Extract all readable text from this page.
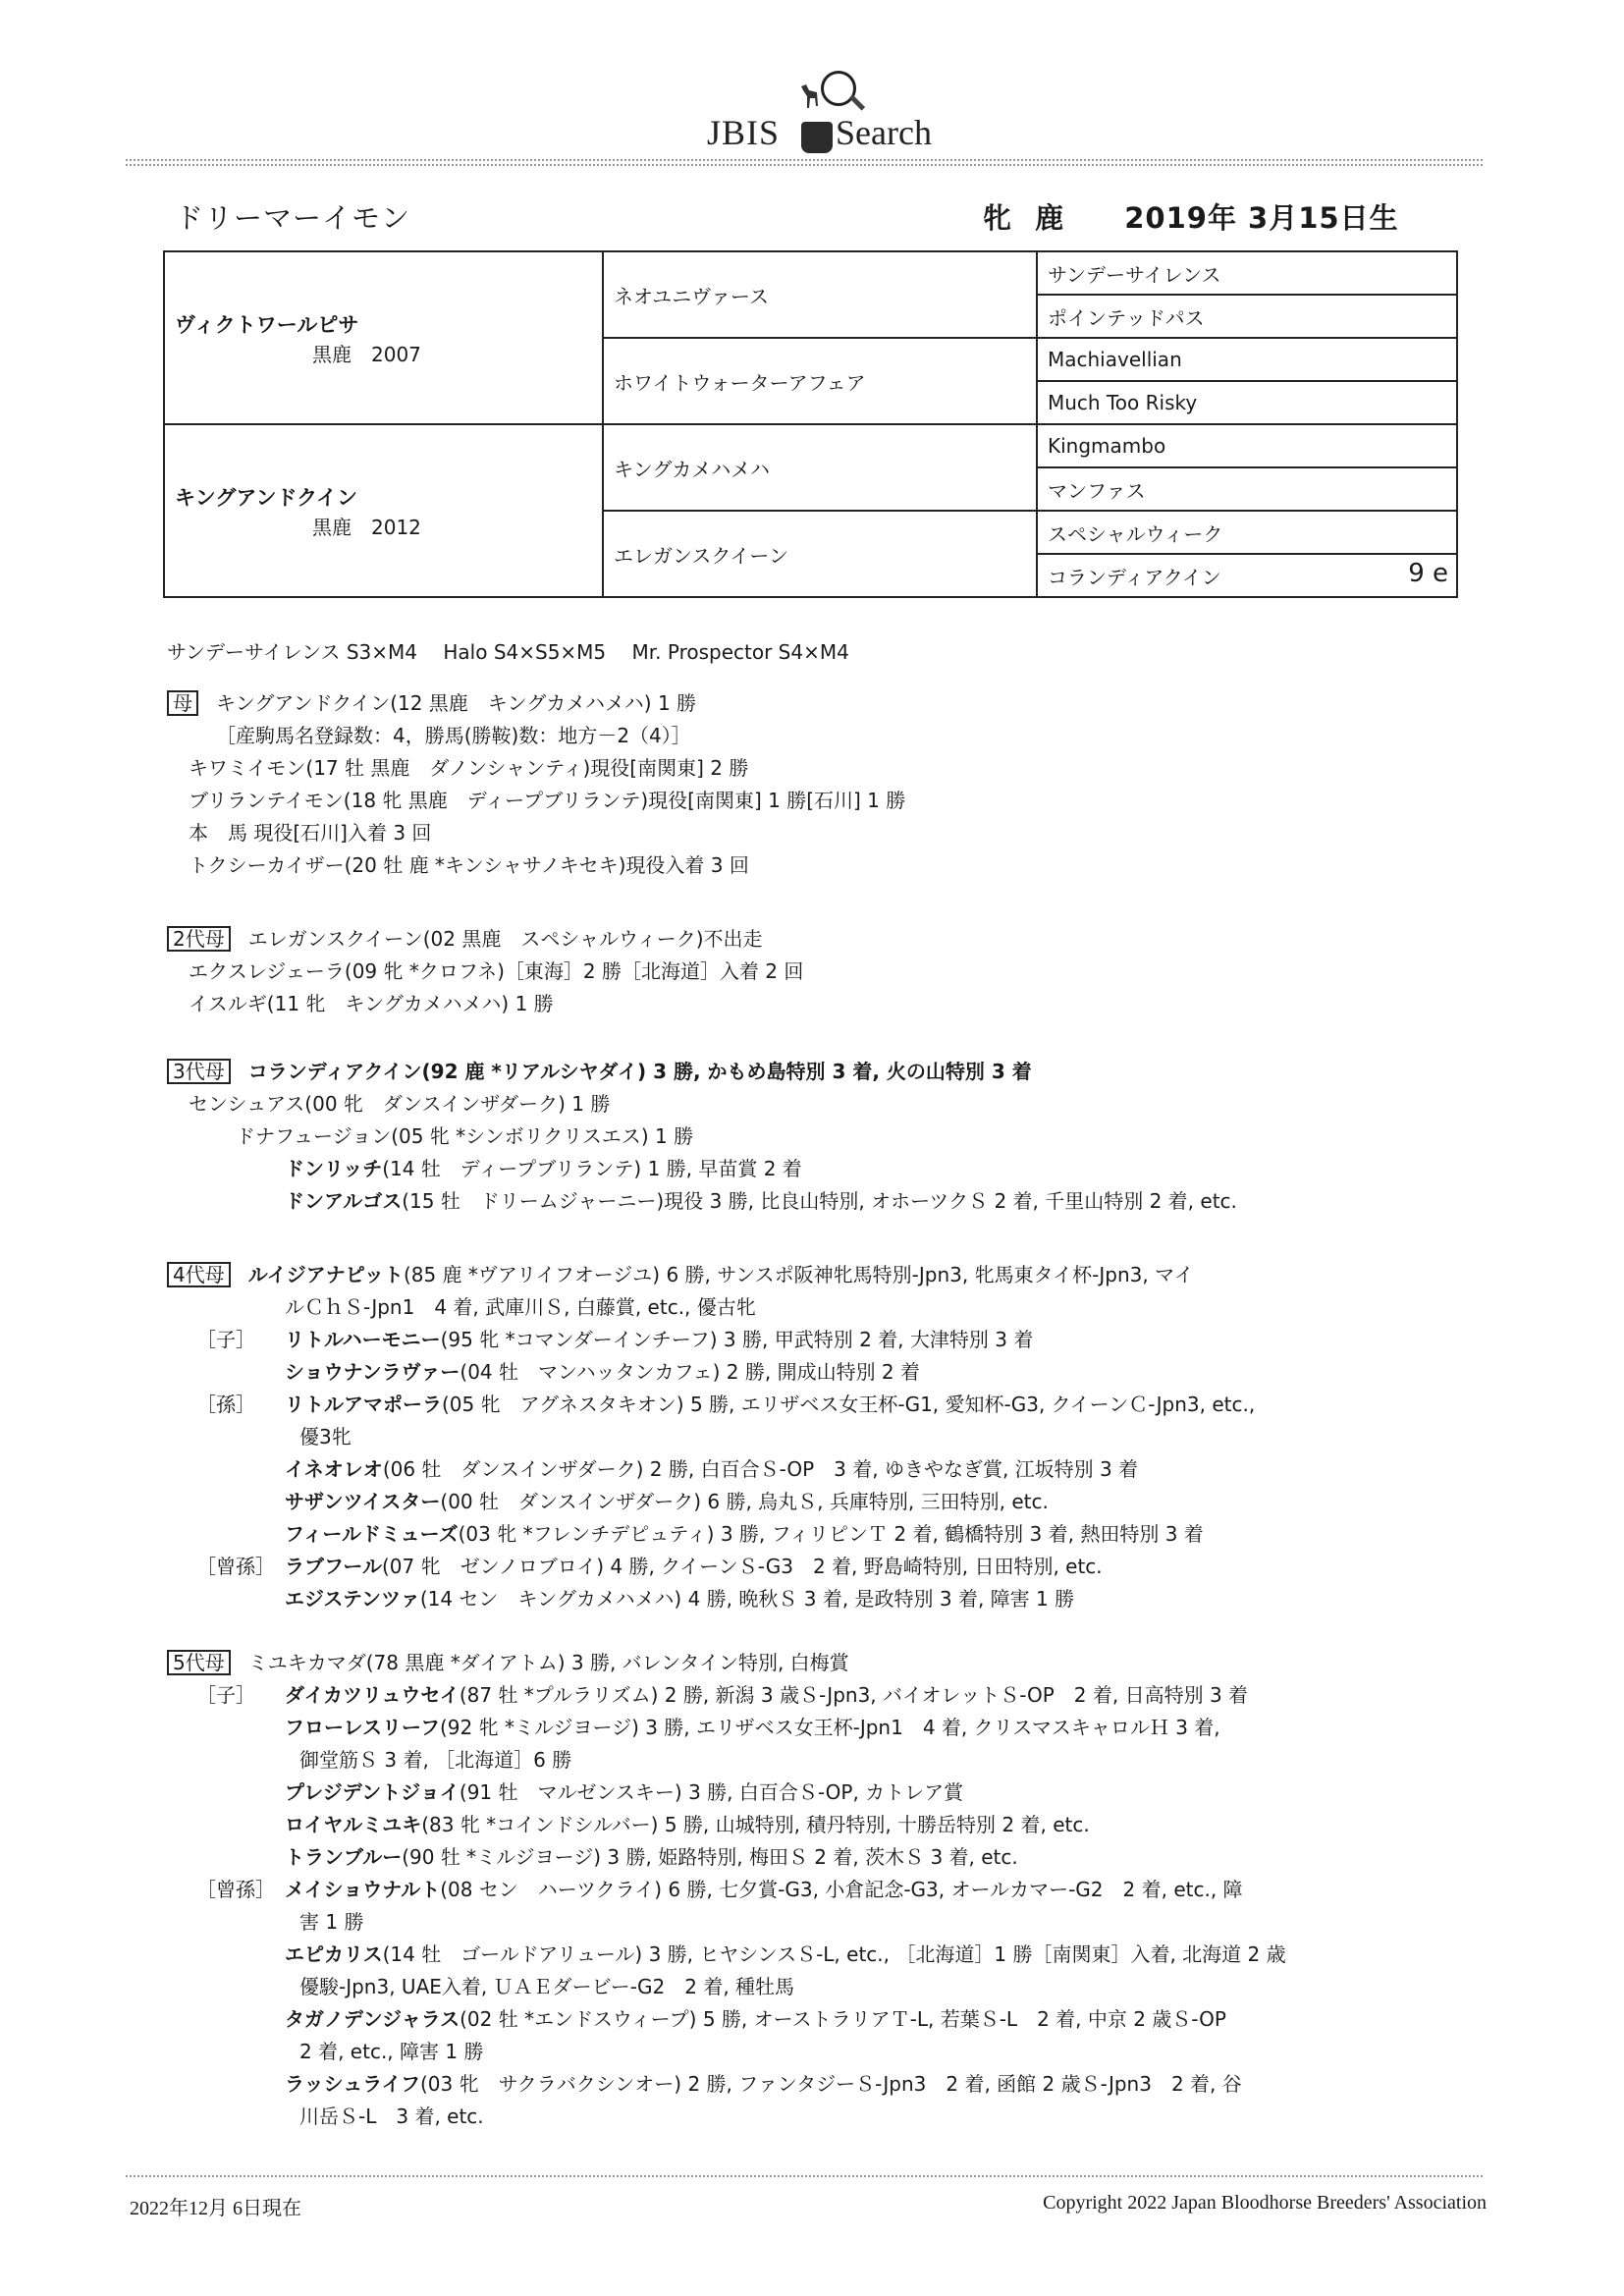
JBIS Search
ドリーマーイモン	牝 鹿 2019年 3月15日生
ヴィクトワールピサ
黒鹿　2007	ネオユニヴァース	サンデーサイレンス
		ポインテッドパス
	ホワイトウォーターアフェア	Machiavellian
		Much Too Risky

キングアンドクイン
黒鹿　2012	キングカメハメハ	Kingmambo
		マンファス
	エレガンスクイーン	スペシャルウィーク
		コランディアクイン 9 e
サンデーサイレンス S3×M4　 Halo S4×S5×M5　 Mr. Prospector S4×M4
母 キングアンドクイン(12 黒鹿　キングカメハメハ) 1 勝
［産駒馬名登録数：4，勝馬(勝鞍)数：地方－2（4）］
キワミイモン(17 牡 黒鹿　ダノンシャンティ)現役[南関東] 2 勝
ブリランテイモン(18 牝 黒鹿　ディープブリランテ)現役[南関東] 1 勝[石川] 1 勝
本　馬 現役[石川]入着 3 回
トクシーカイザー(20 牡 鹿 *キンシャサノキセキ)現役入着 3 回
2代母 エレガンスクイーン(02 黒鹿　スペシャルウィーク)不出走
エクスレジェーラ(09 牝 *クロフネ)［東海］2 勝［北海道］入着 2 回
イスルギ(11 牝　キングカメハメハ) 1 勝
3代母 コランディアクイン(92 鹿 *リアルシヤダイ) 3 勝, かもめ島特別 3 着, 火の山特別 3 着
センシュアス(00 牝　ダンスインザダーク) 1 勝
ドナフュージョン(05 牝 *シンボリクリスエス) 1 勝
ドンリッチ(14 牡　ディープブリランテ) 1 勝, 早苗賞 2 着
ドンアルゴス(15 牡　ドリームジャーニー)現役 3 勝, 比良山特別, オホーツクＳ 2 着, 千里山特別 2 着, etc.
4代母 ルイジアナピット(85 鹿 *ヴアリイフオージユ) 6 勝, サンスポ阪神牝馬特別-Jpn3, 牝馬東タイ杯-Jpn3, マイ
ルＣｈＳ-Jpn1　4 着, 武庫川Ｓ, 白藤賞, etc., 優古牝
［子］ リトルハーモニー(95 牝 *コマンダーインチーフ) 3 勝, 甲武特別 2 着, 大津特別 3 着
ショウナンラヴァー(04 牡　マンハッタンカフェ) 2 勝, 開成山特別 2 着
［孫］ リトルアマポーラ(05 牝　アグネスタキオン) 5 勝, エリザベス女王杯-G1, 愛知杯-G3, クイーンＣ-Jpn3, etc.,
優3牝
イネオレオ(06 牡　ダンスインザダーク) 2 勝, 白百合Ｓ-OP　3 着, ゆきやなぎ賞, 江坂特別 3 着
サザンツイスター(00 牡　ダンスインザダーク) 6 勝, 烏丸Ｓ, 兵庫特別, 三田特別, etc.
フィールドミューズ(03 牝 *フレンチデピュティ) 3 勝, フィリピンＴ 2 着, 鶴橋特別 3 着, 熱田特別 3 着
［曾孫］ ラブフール(07 牝　ゼンノロブロイ) 4 勝, クイーンＳ-G3　2 着, 野島崎特別, 日田特別, etc.
エジステンツァ(14 セン　キングカメハメハ) 4 勝, 晩秋Ｓ 3 着, 是政特別 3 着, 障害 1 勝
5代母 ミユキカマダ(78 黒鹿 *ダイアトム) 3 勝, バレンタイン特別, 白梅賞
［子］ ダイカツリュウセイ(87 牡 *プルラリズム) 2 勝, 新潟 3 歳Ｓ-Jpn3, バイオレットＳ-OP　2 着, 日高特別 3 着
フローレスリーフ(92 牝 *ミルジヨージ) 3 勝, エリザベス女王杯-Jpn1　4 着, クリスマスキャロルＨ 3 着,
御堂筋Ｓ 3 着, ［北海道］6 勝
プレジデントジョイ(91 牡　マルゼンスキー) 3 勝, 白百合Ｓ-OP, カトレア賞
ロイヤルミユキ(83 牝 *コインドシルバー) 5 勝, 山城特別, 積丹特別, 十勝岳特別 2 着, etc.
トランブルー(90 牡 *ミルジヨージ) 3 勝, 姫路特別, 梅田Ｓ 2 着, 茨木Ｓ 3 着, etc.
［曾孫］ メイショウナルト(08 セン　ハーツクライ) 6 勝, 七夕賞-G3, 小倉記念-G3, オールカマー-G2　2 着, etc., 障
害 1 勝
エピカリス(14 牡　ゴールドアリュール) 3 勝, ヒヤシンスＳ-L, etc., ［北海道］1 勝［南関東］入着, 北海道 2 歳
優駿-Jpn3, UAE入着, ＵＡＥダービー-G2　2 着, 種牡馬
タガノデンジャラス(02 牡 *エンドスウィープ) 5 勝, オーストラリアＴ-L, 若葉Ｓ-L　2 着, 中京 2 歳Ｓ-OP
2 着, etc., 障害 1 勝
ラッシュライフ(03 牝　サクラバクシンオー) 2 勝, ファンタジーＳ-Jpn3　2 着, 函館 2 歳Ｓ-Jpn3　2 着, 谷
川岳Ｓ-L　3 着, etc.
2022年12月 6日現在	Copyright 2022 Japan Bloodhorse Breeders' Association
